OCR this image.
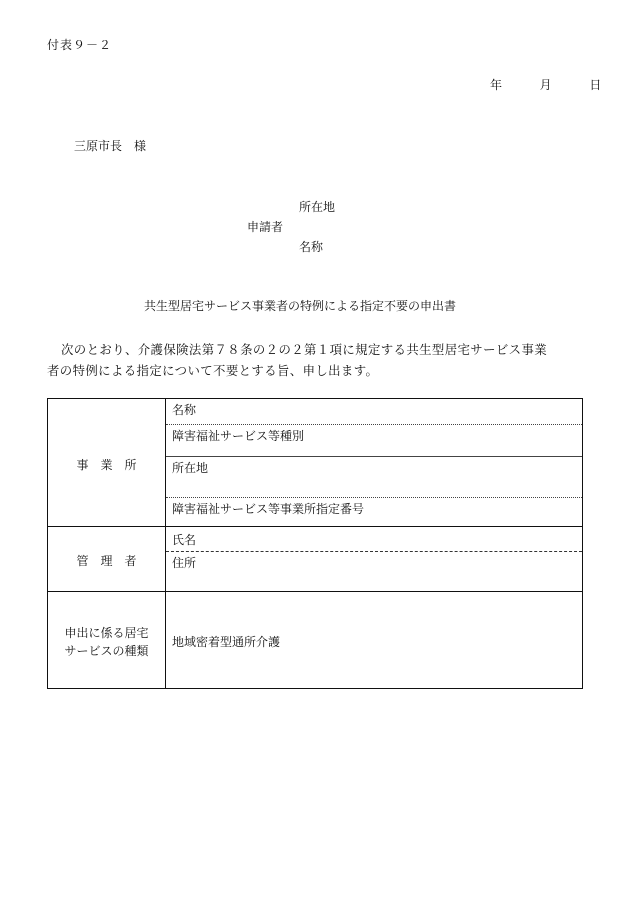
付表９－２
年	月	日
三原市長　様
所在地
申請者
名称
共生型居宅サービス事業者の特例による指定不要の申出書
次のとおり、介護保険法第７８条の２の２第１項に規定する共生型居宅サービス事業
者の特例による指定について不要とする旨、申し出ます。
事　業　所
名称
障害福祉サービス等種別
所在地
障害福祉サービス等事業所指定番号
管　理　者
氏名
住所
申出に係る居宅
サービスの種類
地域密着型通所介護
